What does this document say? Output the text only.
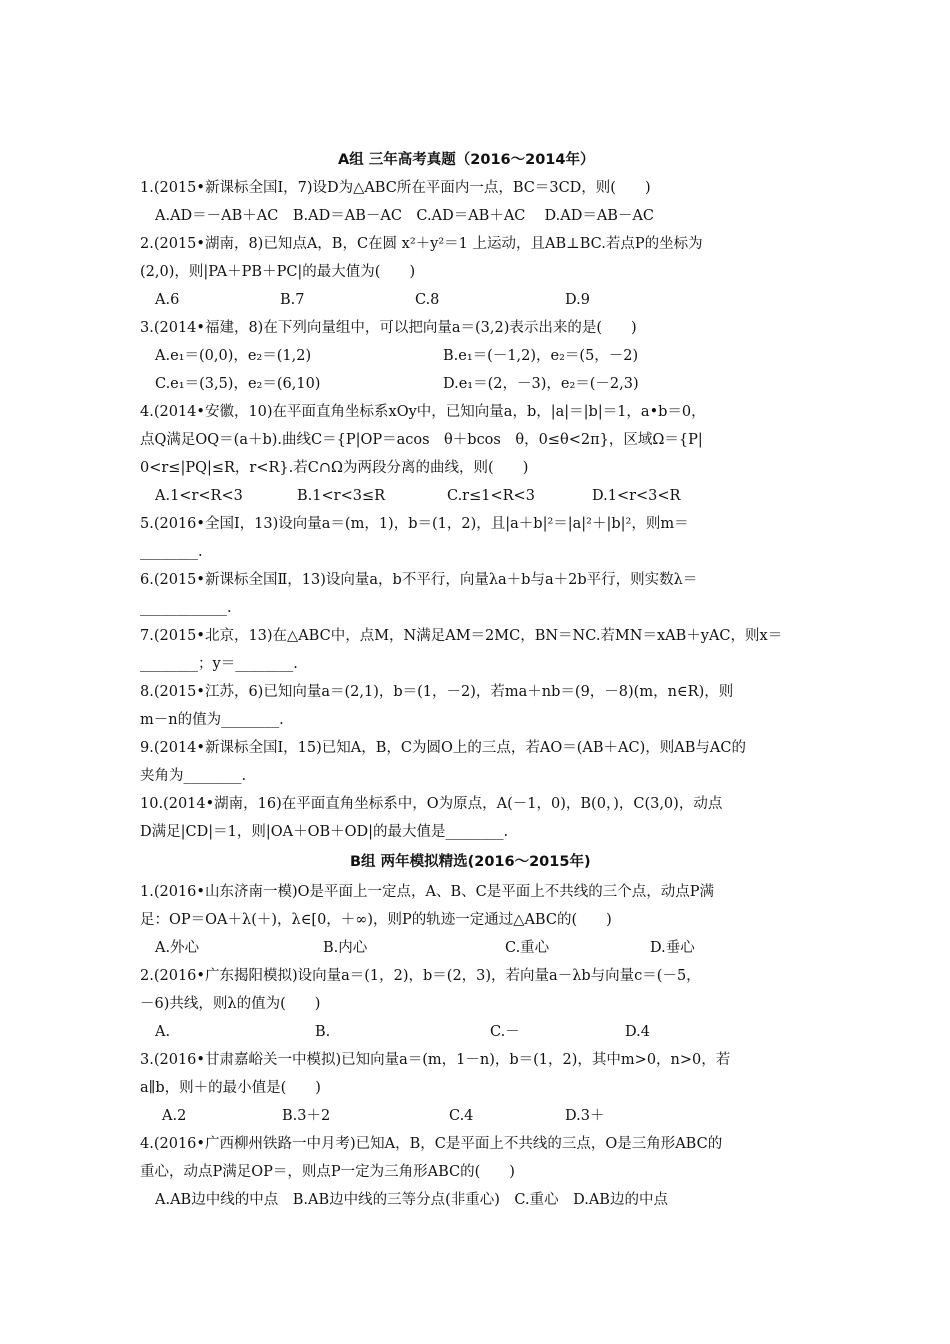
A组 三年高考真题（2016～2014年）
1.(2015•新课标全国Ⅰ，7)设D为△ABC所在平面内一点，BC＝3CD，则(　　)
A.AD＝－AB＋AC　B.AD＝AB－AC　C.AD＝AB＋AC　 D.AD＝AB－AC
2.(2015•湖南，8)已知点A，B，C在圆 x²＋y²＝1 上运动，且AB⊥BC.若点P的坐标为
(2,0)，则|PA＋PB＋PC|的最大值为(　　)
A.6	B.7	C.8	D.9
3.(2014•福建，8)在下列向量组中，可以把向量a＝(3,2)表示出来的是(　　)
A.e₁＝(0,0)，e₂＝(1,2)	B.e₁＝(－1,2)，e₂＝(5，－2)
C.e₁＝(3,5)，e₂＝(6,10)	D.e₁＝(2，－3)，e₂＝(－2,3)
4.(2014•安徽，10)在平面直角坐标系xOy中，已知向量a，b，|a|＝|b|＝1，a•b＝0，
点Q满足OQ＝(a＋b).曲线C＝{P|OP＝acos　θ＋bcos　θ，0≤θ<2π}，区域Ω＝{P|
0<r≤|PQ|≤R，r<R}.若C∩Ω为两段分离的曲线，则(　　)
A.1<r<R<3	B.1<r<3≤R	C.r≤1<R<3	D.1<r<3<R
5.(2016•全国Ⅰ，13)设向量a＝(m，1)，b＝(1，2)，且|a＋b|²＝|a|²＋|b|²，则m＝
________.
6.(2015•新课标全国Ⅱ，13)设向量a，b不平行，向量λa＋b与a＋2b平行，则实数λ＝
____________.
7.(2015•北京，13)在△ABC中，点M，N满足AM＝2MC，BN＝NC.若MN＝xAB＋yAC，则x＝
________；y＝________.
8.(2015•江苏，6)已知向量a＝(2,1)，b＝(1，－2)，若ma＋nb＝(9，－8)(m，n∈R)，则
m－n的值为________.
9.(2014•新课标全国Ⅰ，15)已知A，B，C为圆O上的三点，若AO＝(AB＋AC)，则AB与AC的
夹角为________.
10.(2014•湖南，16)在平面直角坐标系中，O为原点，A(－1，0)，B(0，)，C(3,0)，动点
D满足|CD|＝1，则|OA＋OB＋OD|的最大值是________.
B组 两年模拟精选(2016～2015年)
1.(2016•山东济南一模)O是平面上一定点，A、B、C是平面上不共线的三个点，动点P满
足：OP＝OA＋λ(＋)，λ∈[0，＋∞)，则P的轨迹一定通过△ABC的(　　)
A.外心	B.内心	C.重心	D.垂心
2.(2016•广东揭阳模拟)设向量a＝(1，2)，b＝(2，3)，若向量a－λb与向量c＝(－5，
－6)共线，则λ的值为(　　)
A.	B.	C.－	D.4
3.(2016•甘肃嘉峪关一中模拟)已知向量a＝(m，1－n)，b＝(1，2)，其中m>0，n>0，若
a∥b，则＋的最小值是(　　)
A.2	B.3＋2	C.4	D.3＋
4.(2016•广西柳州铁路一中月考)已知A，B，C是平面上不共线的三点，O是三角形ABC的
重心，动点P满足OP＝，则点P一定为三角形ABC的(　　)
A.AB边中线的中点　B.AB边中线的三等分点(非重心)　C.重心　D.AB边的中点
